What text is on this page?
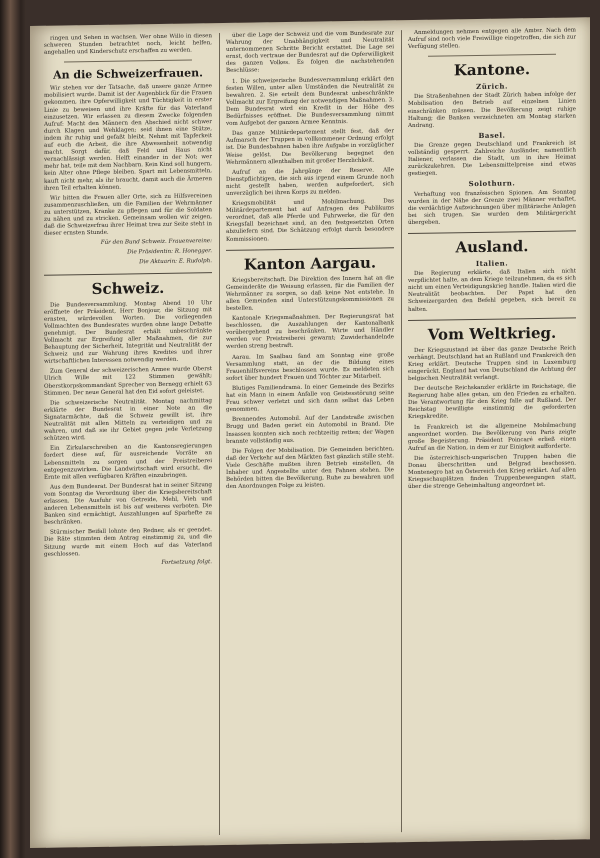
ringen und Sehen in wachsen. Wer ohne Willo in diesen schweren Stunden betrachtet noch, leicht helfen, angehallen und Kinderschutz erschaffen zu werden.

An die Schweizerfrauen.

Wir stehen vor der Tatsache, daß unsere ganze Armee mobilisiert wurde. Damit ist der Augenblick für die Frauen gekommen, ihre Opferwilligkeit und Tüchtigkeit in erster Linie zu beweisen und ihre Kräfte für das Vaterland einzusetzen. Wir erlassen zu diesem Zwecke folgenden Aufruf: Macht den Männern den Abschied nicht schwer durch Klagen und Wehklagen; seid ihnen eine Stütze, indem ihr ruhig und gefaßt bleibt. Nehmt mit Tapferkeit auf euch die Arbeit, die ihre Abwesenheit notwendig macht. Sorgt dafür, daß Feld und Haus nicht vernachlässigt werden. Helft einander in der Not; wer mehr hat, teile mit dem Nachbarn. Kein Kind soll hungern, kein Alter ohne Pflege bleiben. Spart mit Lebensmitteln, kauft nicht mehr, als ihr braucht, damit auch die Ärmeren ihren Teil erhalten können.

Wir bitten die Frauen aller Orte, sich zu Hilfsvereinen zusammenzuschließen, um die Familien der Wehrmänner zu unterstützen, Kranke zu pflegen und für die Soldaten zu nähen und zu stricken. Gemeinsam wollen wir zeigen, daß die Schweizerfrau ihrer Heimat treu zur Seite steht in dieser ernsten Stunde.

Für den Bund Schweiz. Frauenvereine:
Die Präsidentin: R. Honegger.
Die Aktuarin: E. Rudolph.
Schweiz.

Die Bundesversammlung. Montag Abend 10 Uhr eröffnete der Präsident, Herr Bonjour, die Sitzung mit ernsten, würdevollen Worten. Die vorliegenden Vollmachten des Bundesrates wurden ohne lange Debatte genehmigt. Der Bundesrat erhält unbeschränkte Vollmacht zur Ergreifung aller Maßnahmen, die zur Behauptung der Sicherheit, Integrität und Neutralität der Schweiz und zur Wahrung ihres Kredites und ihrer wirtschaftlichen Interessen notwendig werden.

Zum General der schweizerischen Armee wurde Oberst Ulrich Wille mit 122 Stimmen gewählt; Oberstkorpskommandant Sprecher von Bernegg erhielt 63 Stimmen. Der neue General hat den Eid sofort geleistet.

Die schweizerische Neutralität. Montag nachmittag erklärte der Bundesrat in einer Note an die Signatarmächte, daß die Schweiz gewillt ist, ihre Neutralität mit allen Mitteln zu verteidigen und zu wahren, und daß sie ihr Gebiet gegen jede Verletzung schützen wird.

Ein Zirkularschreiben an die Kantonsregierungen fordert diese auf, für ausreichende Vorräte an Lebensmitteln zu sorgen und der Preistreiberei entgegenzuwirken. Die Landwirtschaft wird ersucht, die Ernte mit allen verfügbaren Kräften einzubringen.

Aus dem Bundesrat. Der Bundesrat hat in seiner Sitzung vom Sonntag die Verordnung über die Kriegsbereitschaft erlassen. Die Ausfuhr von Getreide, Mehl, Vieh und anderen Lebensmitteln ist bis auf weiteres verboten. Die Banken sind ermächtigt, Auszahlungen auf Sparhefte zu beschränken.

Stürmischer Beifall lohnte den Redner, als er geendet. Die Räte stimmten dem Antrag einstimmig zu, und die Sitzung wurde mit einem Hoch auf das Vaterland geschlossen.

Fortsetzung folgt.

über die Lage der Schweiz und die vom Bundesrate zur Wahrung der Unabhängigkeit und Neutralität unternommenen Schritte Bericht erstattet. Die Lage sei ernst, doch vertraue der Bundesrat auf die Opferwilligkeit des ganzen Volkes. Es folgen die nachstehenden Beschlüsse:

1. Die schweizerische Bundesversammlung erklärt den festen Willen, unter allen Umständen die Neutralität zu bewahren. 2. Sie erteilt dem Bundesrat unbeschränkte Vollmacht zur Ergreifung der notwendigen Maßnahmen. 3. Dem Bundesrat wird ein Kredit in der Höhe des Bedürfnisses eröffnet. Die Bundesversammlung nimmt vom Aufgebot der ganzen Armee Kenntnis.

Das ganze Militärdepartement stellt fest, daß der Aufmarsch der Truppen in vollkommener Ordnung erfolgt ist. Die Bundesbahnen haben ihre Aufgabe in vorzüglicher Weise gelöst. Die Bevölkerung begegnet den Wehrmännern allenthalben mit großer Herzlichkeit.

Aufruf an die Jahrgänge der Reserve. Alle Dienstpflichtigen, die sich aus irgend einem Grunde noch nicht gestellt haben, werden aufgefordert, sich unverzüglich bei ihren Korps zu melden.

Kriegsmobilität und Mobilmachung. Das Militärdepartement hat auf Anfragen des Publikums verordnet, daß alle Pferde und Fuhrwerke, die für den Kriegsfall bezeichnet sind, an den festgesetzten Orten abzuliefern sind. Die Schätzung erfolgt durch besondere Kommissionen.

Kanton Aargau.

Kriegsbereitschaft. Die Direktion des Innern hat an die Gemeinderäte die Weisung erlassen, für die Familien der Wehrmänner zu sorgen, so daß keine Not entstehe. In allen Gemeinden sind Unterstützungskommissionen zu bestellen.

Kantonale Kriegsmaßnahmen. Der Regierungsrat hat beschlossen, die Auszahlungen der Kantonalbank vorübergehend zu beschränken. Wirte und Händler werden vor Preistreiberei gewarnt; Zuwiderhandelnde werden streng bestraft.

Aarau. Im Saalbau fand am Sonntag eine große Versammlung statt, an der die Bildung eines Frauenhilfsvereins beschlossen wurde. Es meldeten sich sofort über hundert Frauen und Töchter zur Mitarbeit.

Blutiges Familiendrama. In einer Gemeinde des Bezirks hat ein Mann in einem Anfalle von Geistesstörung seine Frau schwer verletzt und sich dann selbst das Leben genommen.

Brennendes Automobil. Auf der Landstraße zwischen Brugg und Baden geriet ein Automobil in Brand. Die Insassen konnten sich noch rechtzeitig retten; der Wagen brannte vollständig aus.

Die Folgen der Mobilisation. Die Gemeinden berichten, daß der Verkehr auf den Märkten fast gänzlich stille steht. Viele Geschäfte mußten ihren Betrieb einstellen, da Inhaber und Angestellte unter den Fahnen stehen. Die Behörden bitten die Bevölkerung, Ruhe zu bewahren und den Anordnungen Folge zu leisten.

Anmeldungen nehmen entgegen alle Ämter. Nach dem Aufruf sind noch viele Freiwillige eingetroffen, die sich zur Verfügung stellen.

Kantone.
Zürich.

Die Straßenbahnen der Stadt Zürich haben infolge der Mobilisation den Betrieb auf einzelnen Linien einschränken müssen. Die Bevölkerung zeigt ruhige Haltung; die Banken verzeichneten am Montag starken Andrang.

Basel.

Die Grenze gegen Deutschland und Frankreich ist vollständig gesperrt. Zahlreiche Ausländer, namentlich Italiener, verlassen die Stadt, um in ihre Heimat zurückzukehren. Die Lebensmittelpreise sind etwas gestiegen.

Solothurn.

Verhaftung von französischen Spionen. Am Sonntag wurden in der Nähe der Grenze zwei Männer verhaftet, die verdächtige Aufzeichnungen über militärische Anlagen bei sich trugen. Sie wurden dem Militärgericht übergeben.

Ausland.
Italien.

Die Regierung erklärte, daß Italien sich nicht verpflichtet halte, an dem Kriege teilzunehmen, da es sich nicht um einen Verteidigungskrieg handle. Italien wird die Neutralität beobachten. Der Papst hat den Schweizergarden den Befehl gegeben, sich bereit zu halten.

Vom Weltkrieg.

Der Kriegszustand ist über das ganze Deutsche Reich verhängt. Deutschland hat an Rußland und Frankreich den Krieg erklärt. Deutsche Truppen sind in Luxemburg eingerückt. England hat von Deutschland die Achtung der belgischen Neutralität verlangt.

Der deutsche Reichskanzler erklärte im Reichstage, die Regierung habe alles getan, um den Frieden zu erhalten. Die Verantwortung für den Krieg falle auf Rußland. Der Reichstag bewilligte einstimmig die geforderten Kriegskredite.

In Frankreich ist die allgemeine Mobilmachung angeordnet worden. Die Bevölkerung von Paris zeigte große Begeisterung. Präsident Poincaré erließ einen Aufruf an die Nation, in dem er zur Einigkeit aufforderte.

Die österreichisch-ungarischen Truppen haben die Donau überschritten und Belgrad beschossen. Montenegro hat an Österreich den Krieg erklärt. Auf allen Kriegsschauplätzen finden Truppenbewegungen statt, über die strenge Geheimhaltung angeordnet ist.
